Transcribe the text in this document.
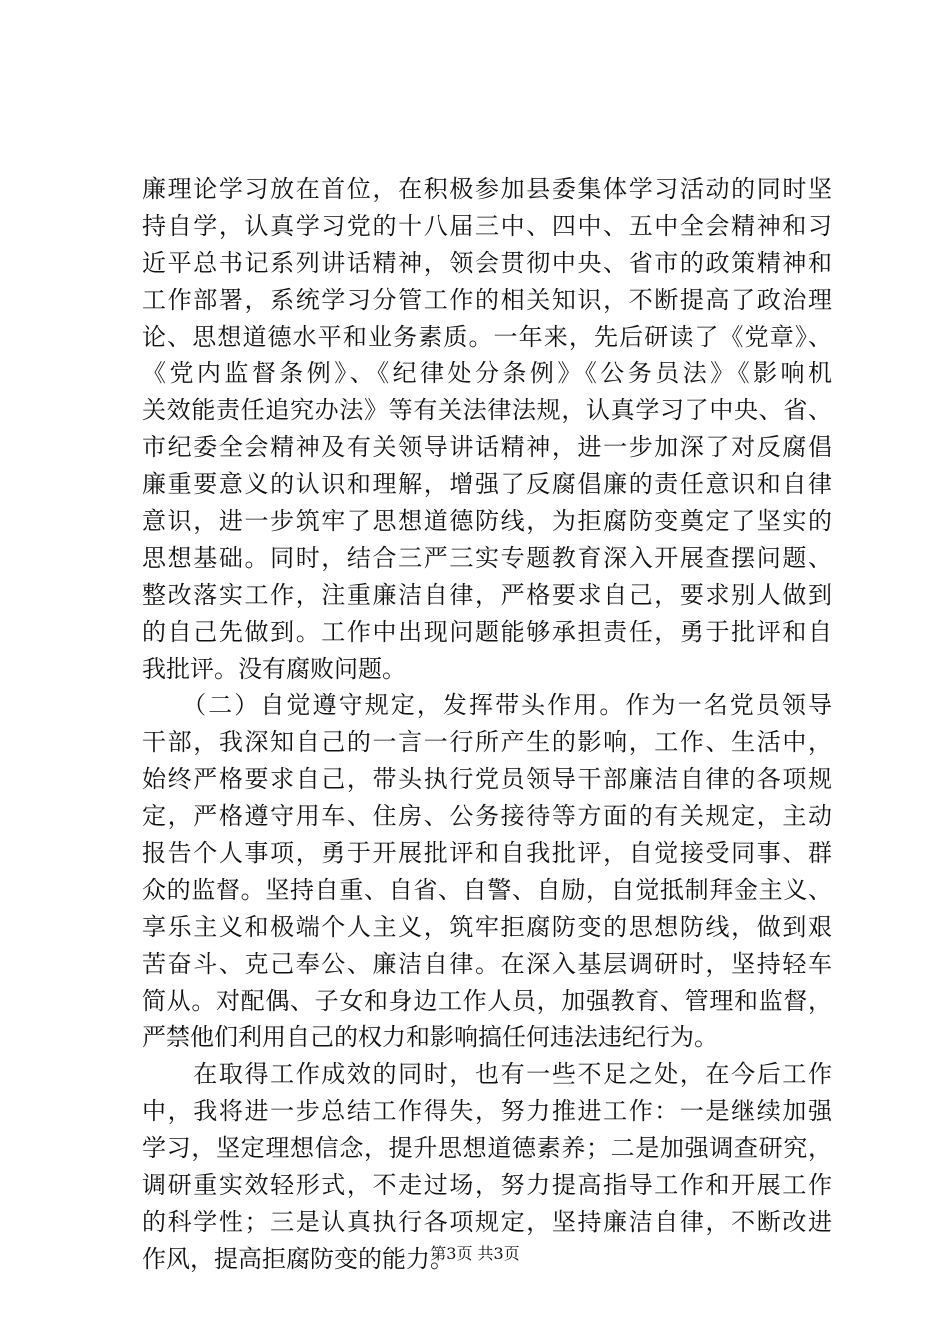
廉理论学习放在首位，在积极参加县委集体学习活动的同时坚
持自学，认真学习党的十八届三中、四中、五中全会精神和习
近平总书记系列讲话精神，领会贯彻中央、省市的政策精神和
工作部署，系统学习分管工作的相关知识，不断提高了政治理
论、思想道德水平和业务素质。一年来，先后研读了《党章》、
《党内监督条例》、《纪律处分条例》《公务员法》《影响机
关效能责任追究办法》等有关法律法规，认真学习了中央、省、
市纪委全会精神及有关领导讲话精神，进一步加深了对反腐倡
廉重要意义的认识和理解，增强了反腐倡廉的责任意识和自律
意识，进一步筑牢了思想道德防线，为拒腐防变奠定了坚实的
思想基础。同时，结合三严三实专题教育深入开展查摆问题、
整改落实工作，注重廉洁自律，严格要求自己，要求别人做到
的自己先做到。工作中出现问题能够承担责任，勇于批评和自
我批评。没有腐败问题。
　　（二）自觉遵守规定，发挥带头作用。作为一名党员领导
干部，我深知自己的一言一行所产生的影响，工作、生活中，
始终严格要求自己，带头执行党员领导干部廉洁自律的各项规
定，严格遵守用车、住房、公务接待等方面的有关规定，主动
报告个人事项，勇于开展批评和自我批评，自觉接受同事、群
众的监督。坚持自重、自省、自警、自励，自觉抵制拜金主义、
享乐主义和极端个人主义，筑牢拒腐防变的思想防线，做到艰
苦奋斗、克己奉公、廉洁自律。在深入基层调研时，坚持轻车
简从。对配偶、子女和身边工作人员，加强教育、管理和监督，
严禁他们利用自己的权力和影响搞任何违法违纪行为。
　　在取得工作成效的同时，也有一些不足之处，在今后工作
中，我将进一步总结工作得失，努力推进工作：一是继续加强
学习，坚定理想信念，提升思想道德素养；二是加强调查研究，
调研重实效轻形式，不走过场，努力提高指导工作和开展工作
的科学性；三是认真执行各项规定，坚持廉洁自律，不断改进
作风，提高拒腐防变的能力。
第3页 共3页
